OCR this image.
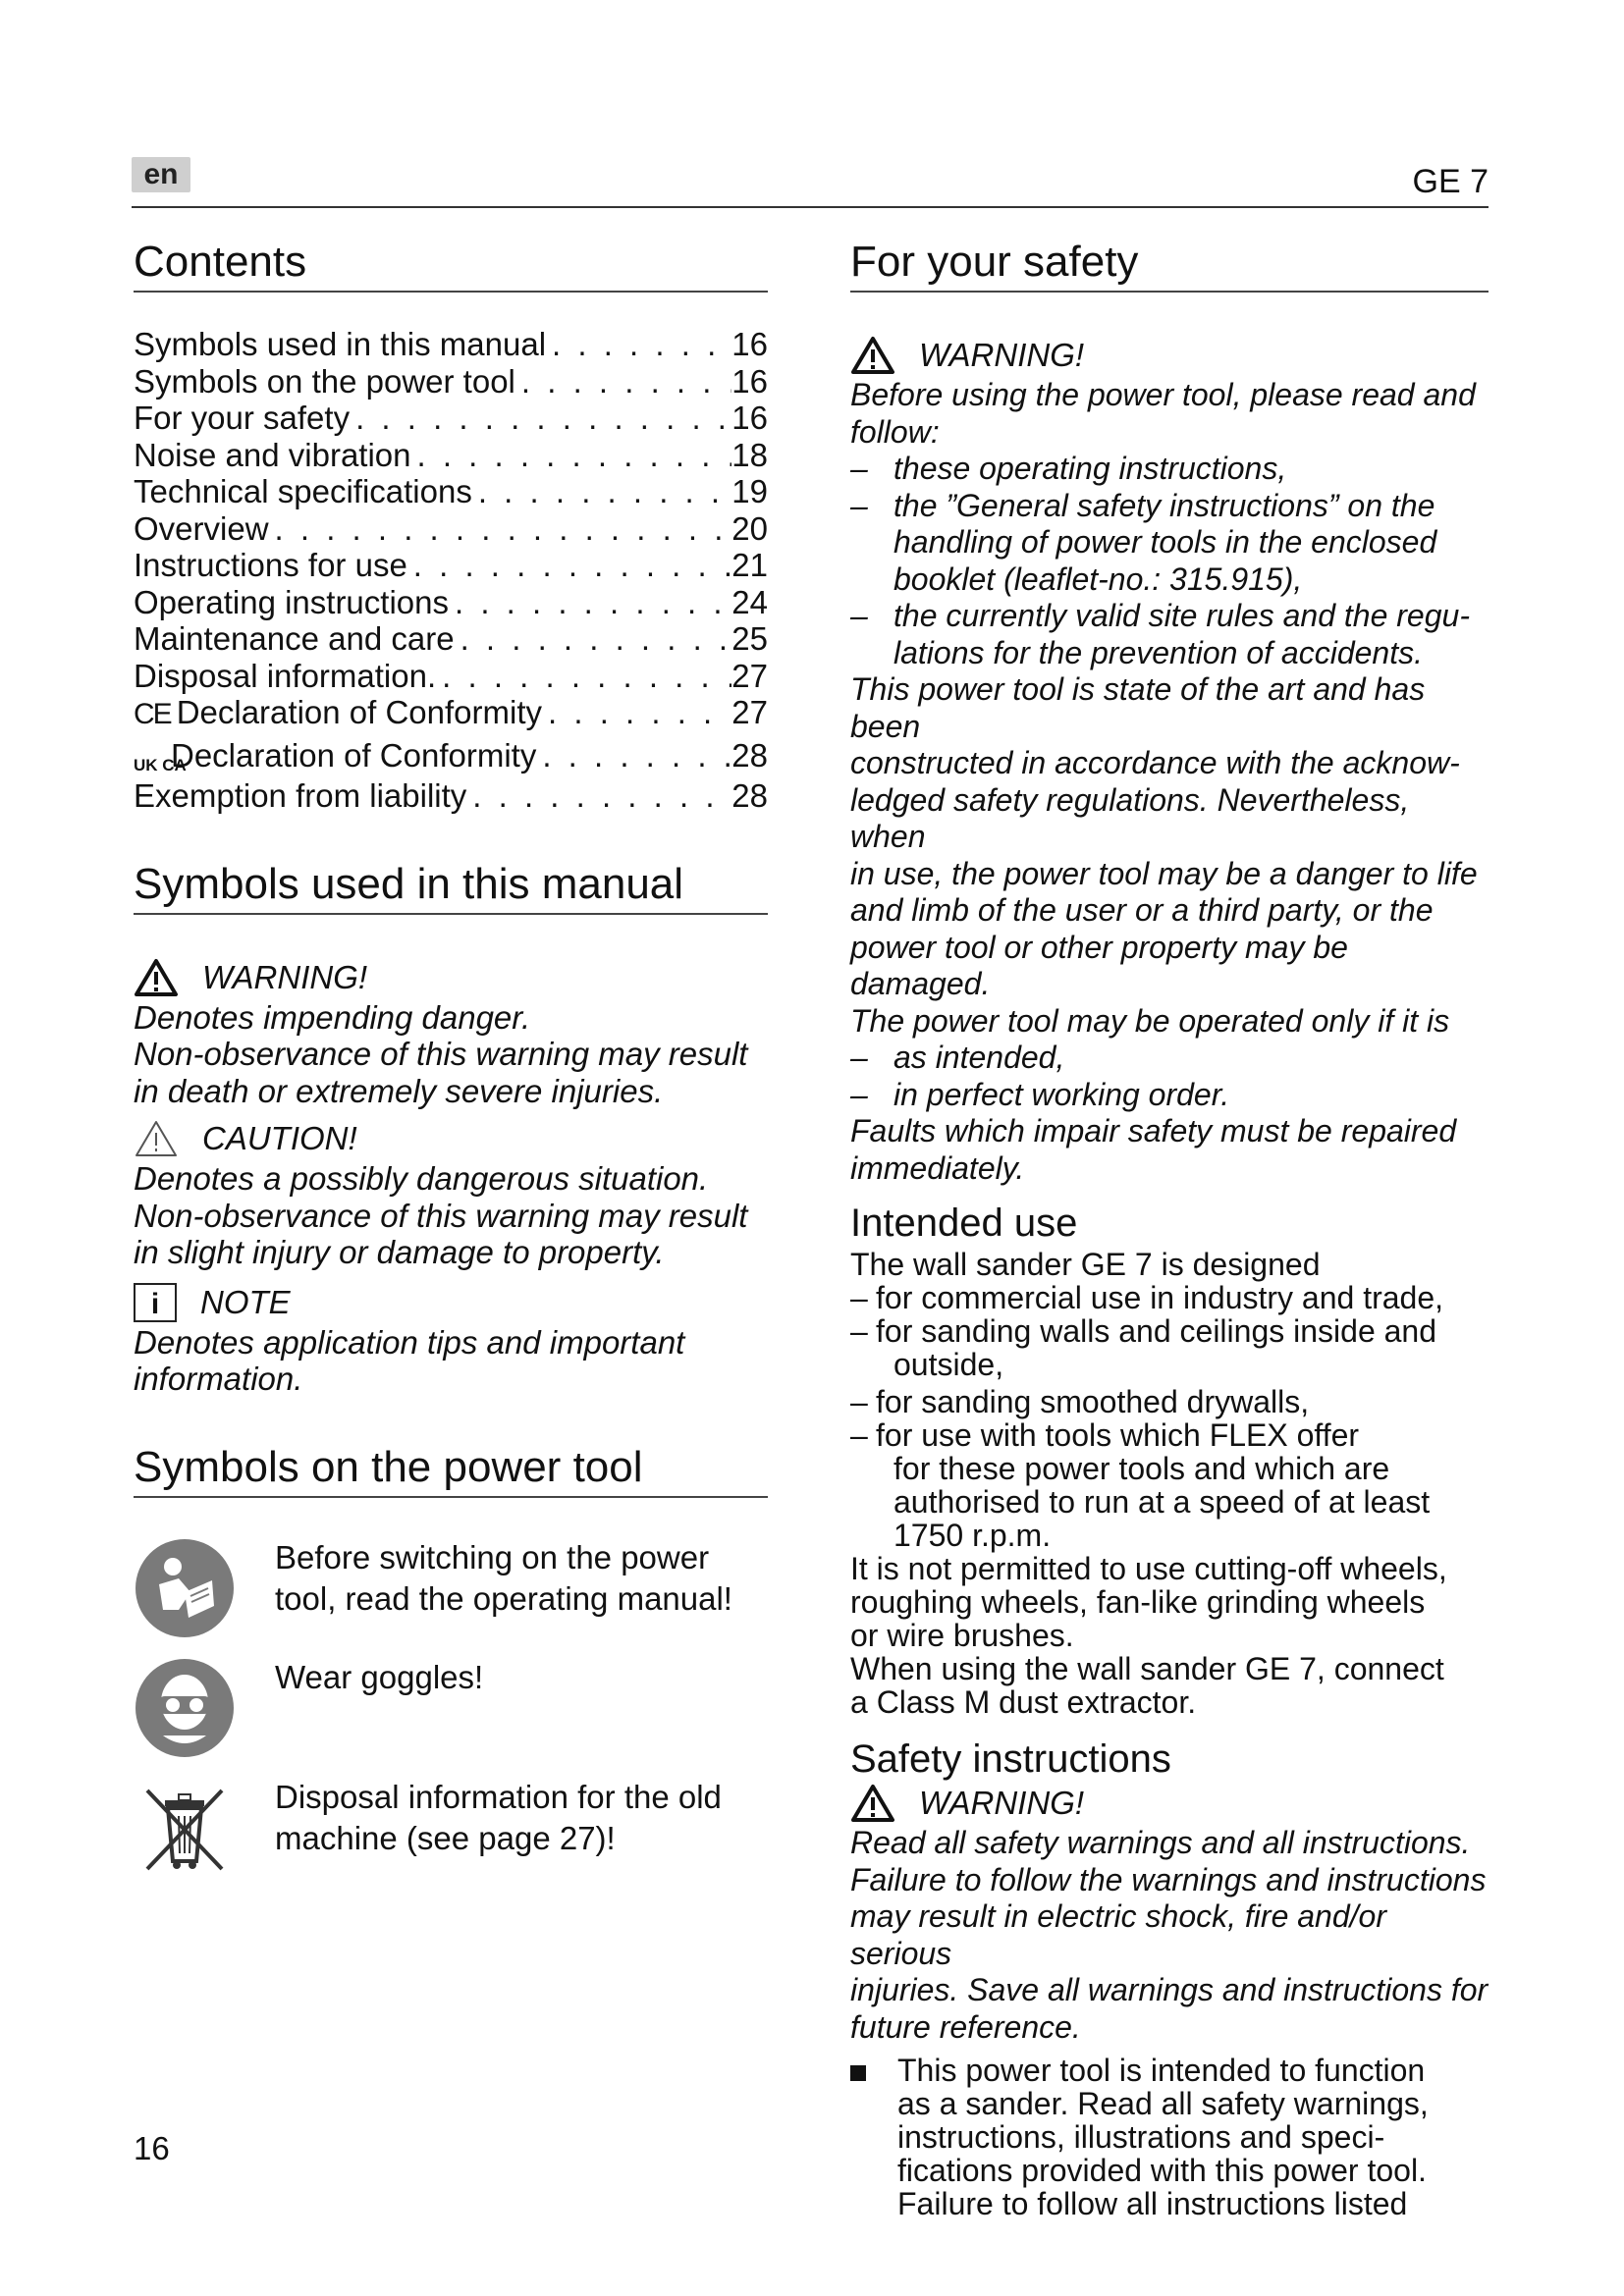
en	GE 7
Contents
Symbols used in this manual . . .	16
Symbols on the power tool . . .	16
For your safety . . .	16
Noise and vibration . . .	18
Technical specifications . . .	19
Overview . . .	20
Instructions for use . . .	21
Operating instructions . . .	24
Maintenance and care . . .	25
Disposal information. . . .	27
CE Declaration of Conformity . . .	27
UK CADeclaration of Conformity . . .	28
Exemption from liability . . .	28
Symbols used in this manual
WARNING!
Denotes impending danger.
Non-observance of this warning may result
in death or extremely severe injuries.
CAUTION!
Denotes a possibly dangerous situation.
Non-observance of this warning may result
in slight injury or damage to property.
i	NOTE
Denotes application tips and important
information.
Symbols on the power tool
Before switching on the power
tool, read the operating manual!
Wear goggles!
Disposal information for the old
machine (see page 27)!
For your safety
WARNING!
Before using the power tool, please read and
follow:
– these operating instructions,
– the ”General safety instructions” on the
handling of power tools in the enclosed
booklet (leaflet-no.: 315.915),
– the currently valid site rules and the regu-
lations for the prevention of accidents.
This power tool is state of the art and has been
constructed in accordance with the acknow-
ledged safety regulations. Nevertheless, when
in use, the power tool may be a danger to life
and limb of the user or a third party, or the
power tool or other property may be damaged.
The power tool may be operated only if it is
– as intended,
– in perfect working order.
Faults which impair safety must be repaired
immediately.
Intended use
The wall sander GE 7 is designed
– for commercial use in industry and trade,
– for sanding walls and ceilings inside and
outside,
– for sanding smoothed drywalls,
– for use with tools which FLEX offer
for these power tools and which are
authorised to run at a speed of at least
1750 r.p.m.
It is not permitted to use cutting-off wheels,
roughing wheels, fan-like grinding wheels
or wire brushes.
When using the wall sander GE 7, connect
a Class M dust extractor.
Safety instructions
WARNING!
Read all safety warnings and all instructions.
Failure to follow the warnings and instructions
may result in electric shock, fire and/or serious
injuries. Save all warnings and instructions for
future reference.
This power tool is intended to function
as a sander. Read all safety warnings,
instructions, illustrations and speci-
fications provided with this power tool.
Failure to follow all instructions listed
16
